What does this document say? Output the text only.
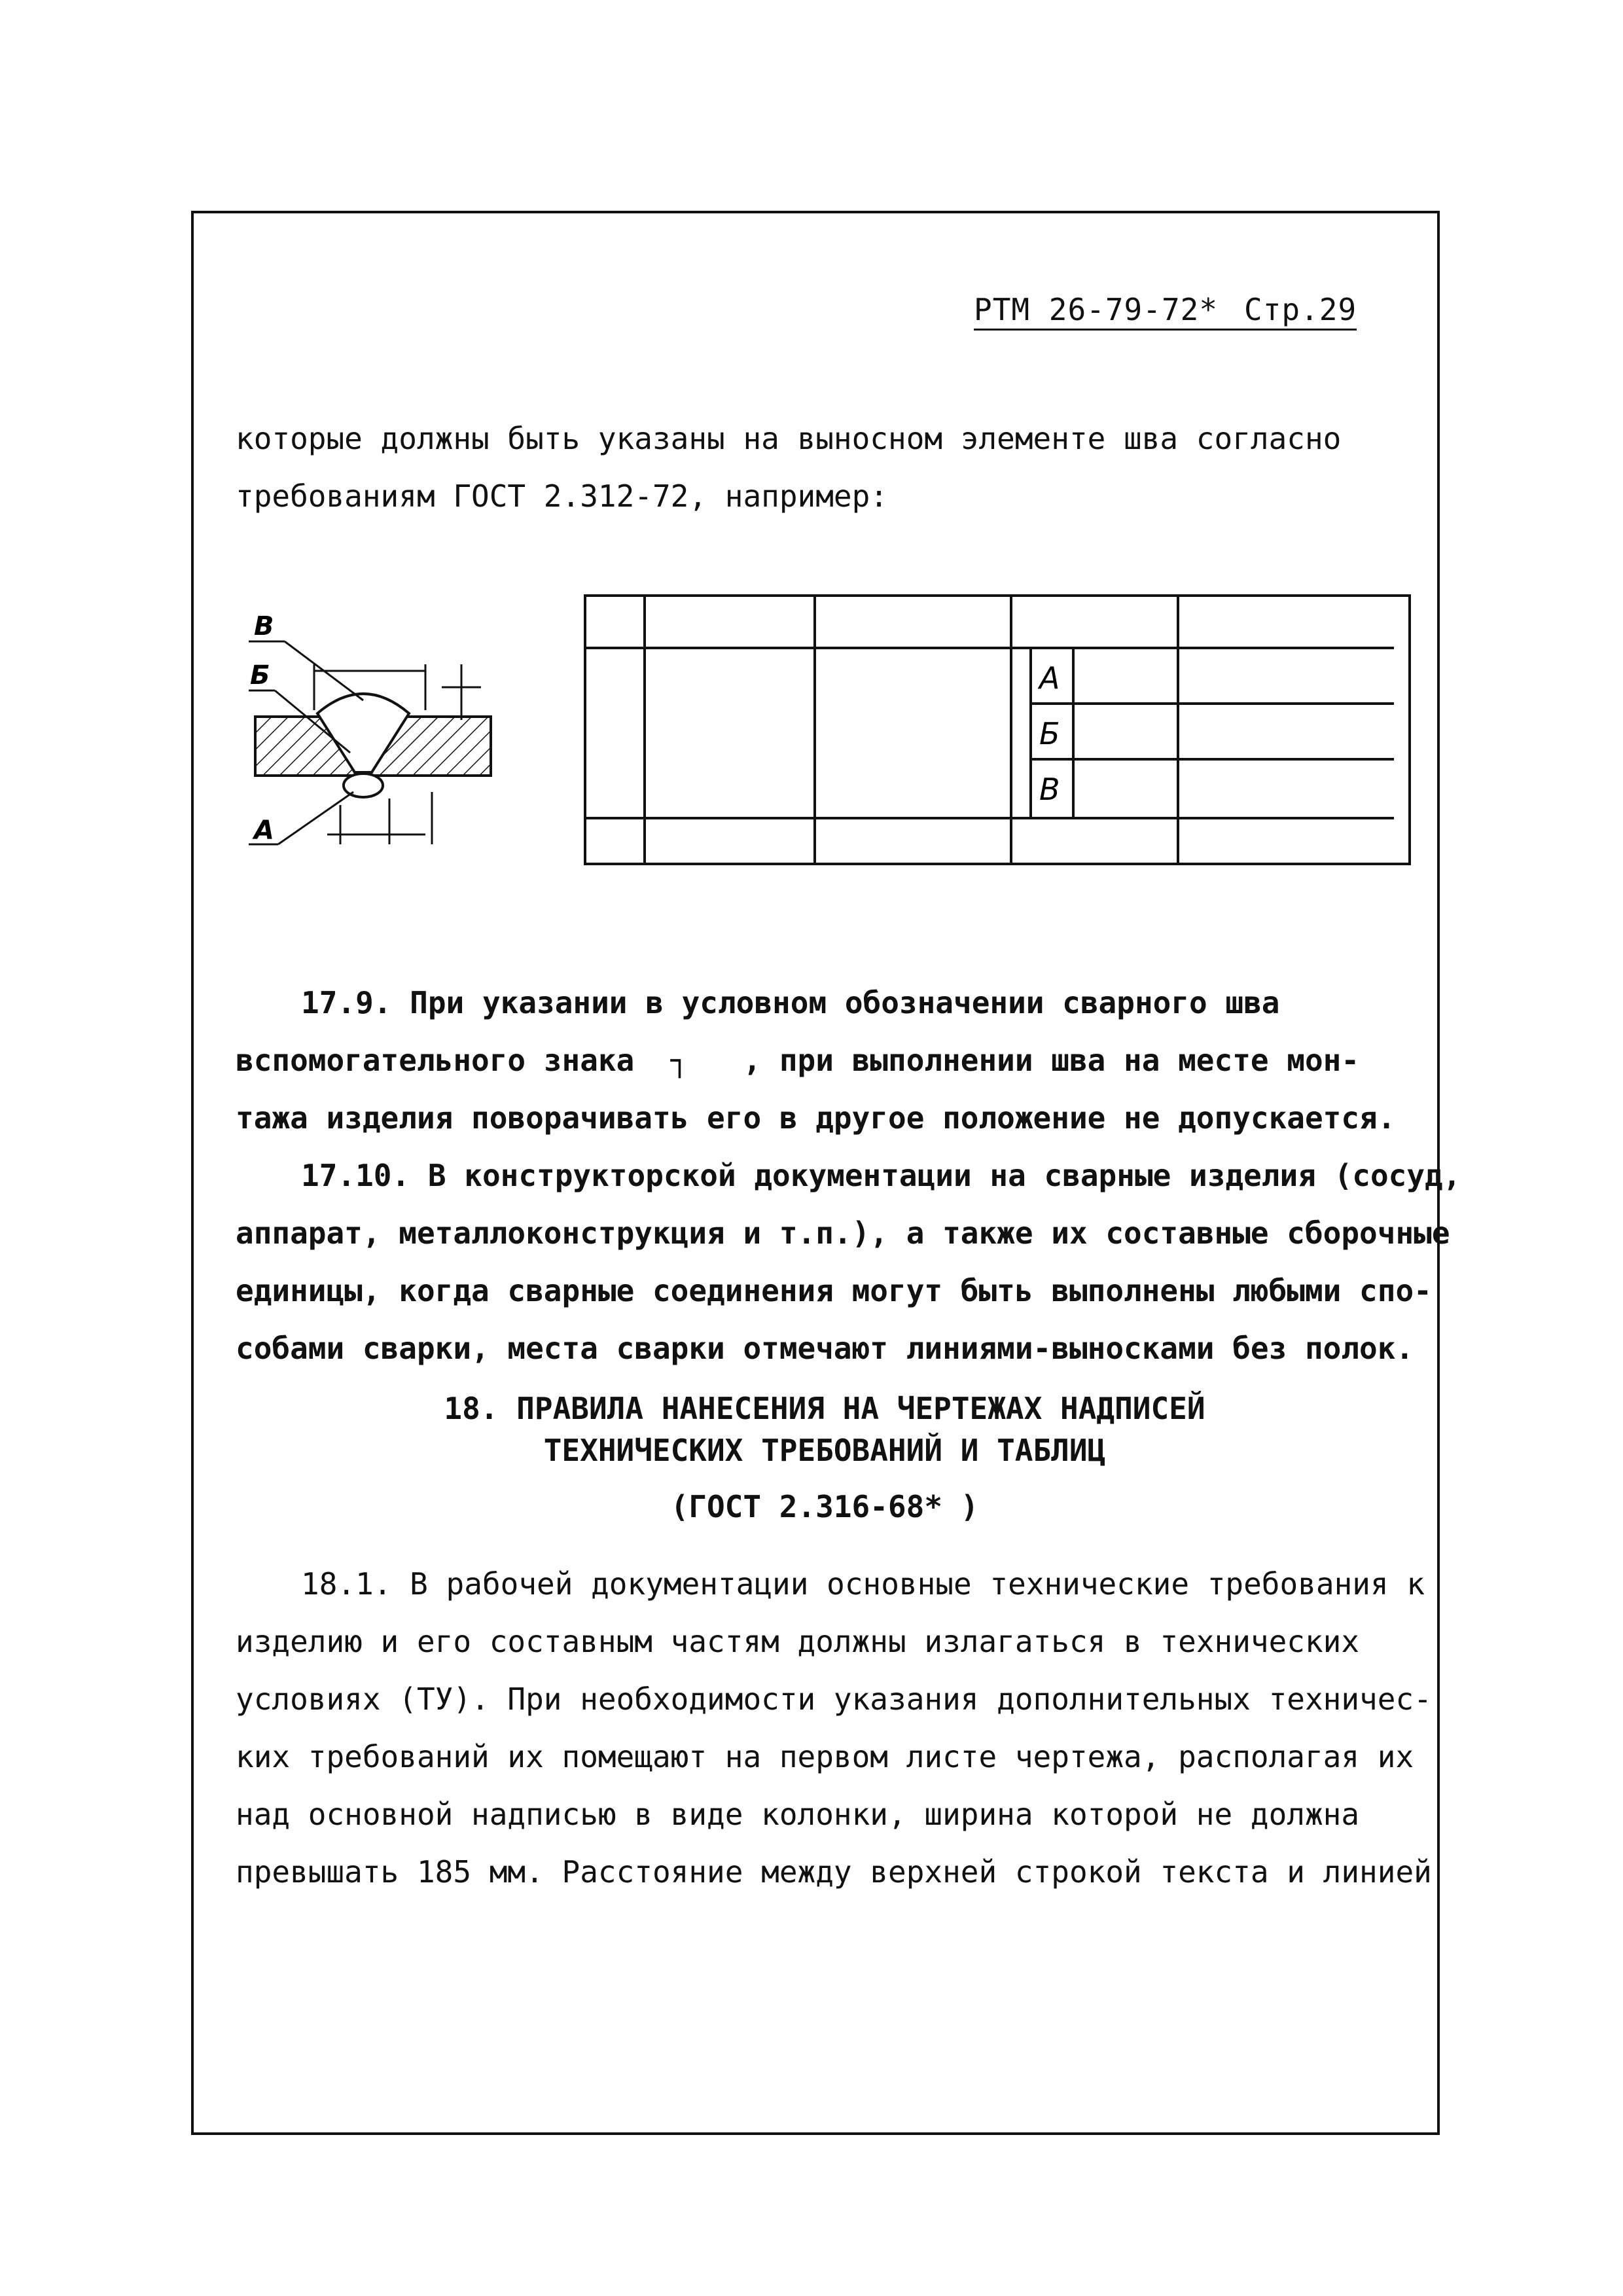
РТМ 26-79-72* Стр.29

которые должны быть указаны на выносном элементе шва согласно

требованиям ГОСТ 2.312-72, например:

В
Б
А
А
Б
В

17.9. При указании в условном обозначении сварного шва

вспомогательного знака  ┐   , при выполнении шва на месте мон-

тажа изделия поворачивать его в другое положение не допускается.

17.10. В конструкторской документации на сварные изделия (сосуд,

аппарат, металлоконструкция и т.п.), а также их составные сборочные

единицы, когда сварные соединения могут быть выполнены любыми спо-

собами сварки, места сварки отмечают линиями-выносками без полок.

18. ПРАВИЛА НАНЕСЕНИЯ НА ЧЕРТЕЖАХ НАДПИСЕЙ
ТЕХНИЧЕСКИХ ТРЕБОВАНИЙ И ТАБЛИЦ
(ГОСТ 2.316-68* )

18.1. В рабочей документации основные технические требования к

изделию и его составным частям должны излагаться в технических

условиях (ТУ). При необходимости указания дополнительных техничес-

ких требований их помещают на первом листе чертежа, располагая их

над основной надписью в виде колонки, ширина которой не должна

превышать 185 мм. Расстояние между верхней строкой текста и линией
